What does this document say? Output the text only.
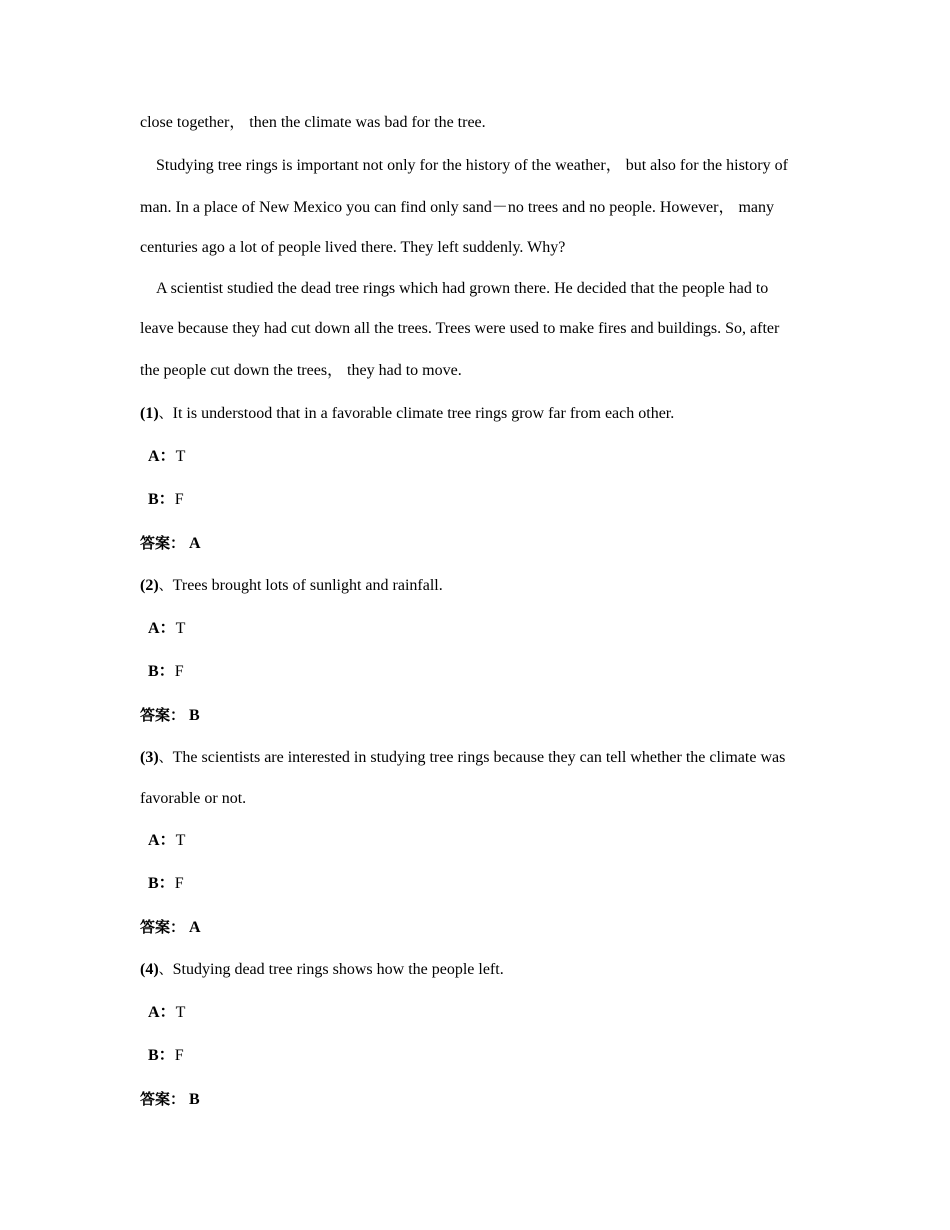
close together， then the climate was bad for the tree.
Studying tree rings is important not only for the history of the weather， but also for the history of
man. In a place of New Mexico you can find only sand－no trees and no people. However， many
centuries ago a lot of people lived there. They left suddenly. Why?
A scientist studied the dead tree rings which had grown there. He decided that the people had to
leave because they had cut down all the trees. Trees were used to make fires and buildings. So, after
the people cut down the trees， they had to move.
(1)、It is understood that in a favorable climate tree rings grow far from each other.
A：T
B：F
答案： A
(2)、Trees brought lots of sunlight and rainfall.
A：T
B：F
答案： B
(3)、The scientists are interested in studying tree rings because they can tell whether the climate was
favorable or not.
A：T
B：F
答案： A
(4)、Studying dead tree rings shows how the people left.
A：T
B：F
答案： B
